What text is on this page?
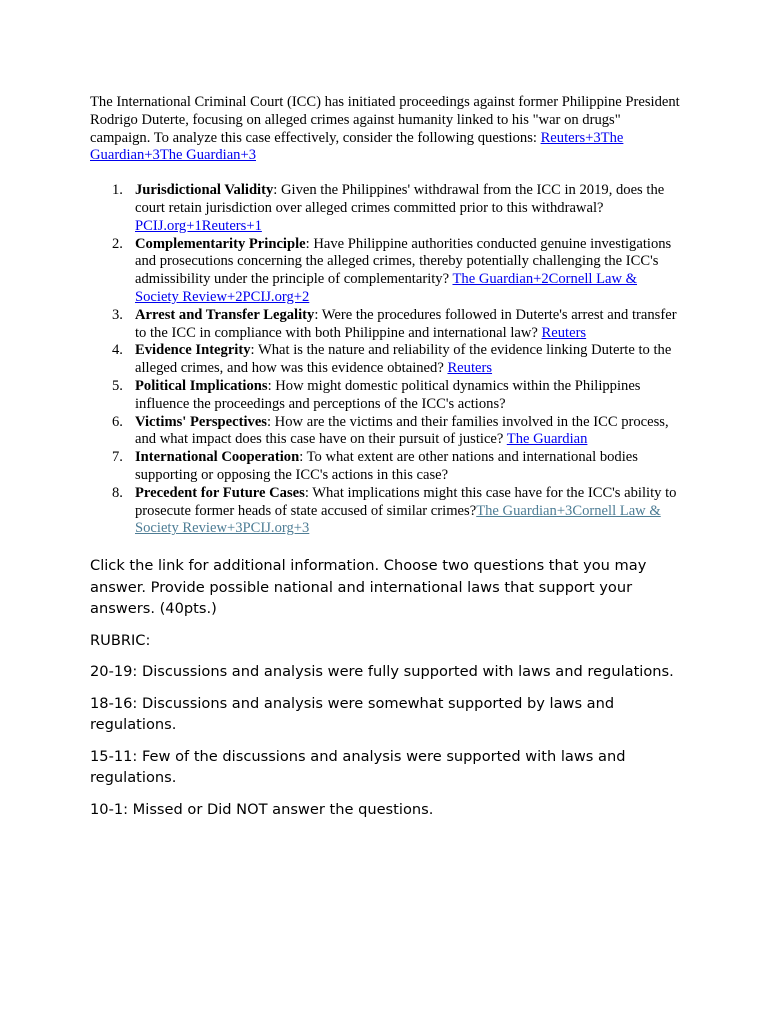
The International Criminal Court (ICC) has initiated proceedings against former Philippine President Rodrigo Duterte, focusing on alleged crimes against humanity linked to his "war on drugs" campaign. To analyze this case effectively, consider the following questions: Reuters+3The Guardian+3The Guardian+3

1. Jurisdictional Validity: Given the Philippines' withdrawal from the ICC in 2019, does the court retain jurisdiction over alleged crimes committed prior to this withdrawal? PCIJ.org+1Reuters+1
2. Complementarity Principle: Have Philippine authorities conducted genuine investigations and prosecutions concerning the alleged crimes, thereby potentially challenging the ICC's admissibility under the principle of complementarity? The Guardian+2Cornell Law & Society Review+2PCIJ.org+2
3. Arrest and Transfer Legality: Were the procedures followed in Duterte's arrest and transfer to the ICC in compliance with both Philippine and international law? Reuters
4. Evidence Integrity: What is the nature and reliability of the evidence linking Duterte to the alleged crimes, and how was this evidence obtained? Reuters
5. Political Implications: How might domestic political dynamics within the Philippines influence the proceedings and perceptions of the ICC's actions?
6. Victims' Perspectives: How are the victims and their families involved in the ICC process, and what impact does this case have on their pursuit of justice? The Guardian
7. International Cooperation: To what extent are other nations and international bodies supporting or opposing the ICC's actions in this case?
8. Precedent for Future Cases: What implications might this case have for the ICC's ability to prosecute former heads of state accused of similar crimes?The Guardian+3Cornell Law & Society Review+3PCIJ.org+3

Click the link for additional information. Choose two questions that you may answer. Provide possible national and international laws that support your answers. (40pts.)

RUBRIC:

20-19: Discussions and analysis were fully supported with laws and regulations.

18-16: Discussions and analysis were somewhat supported by laws and regulations.

15-11: Few of the discussions and analysis were supported with laws and regulations.

10-1: Missed or Did NOT answer the questions.
